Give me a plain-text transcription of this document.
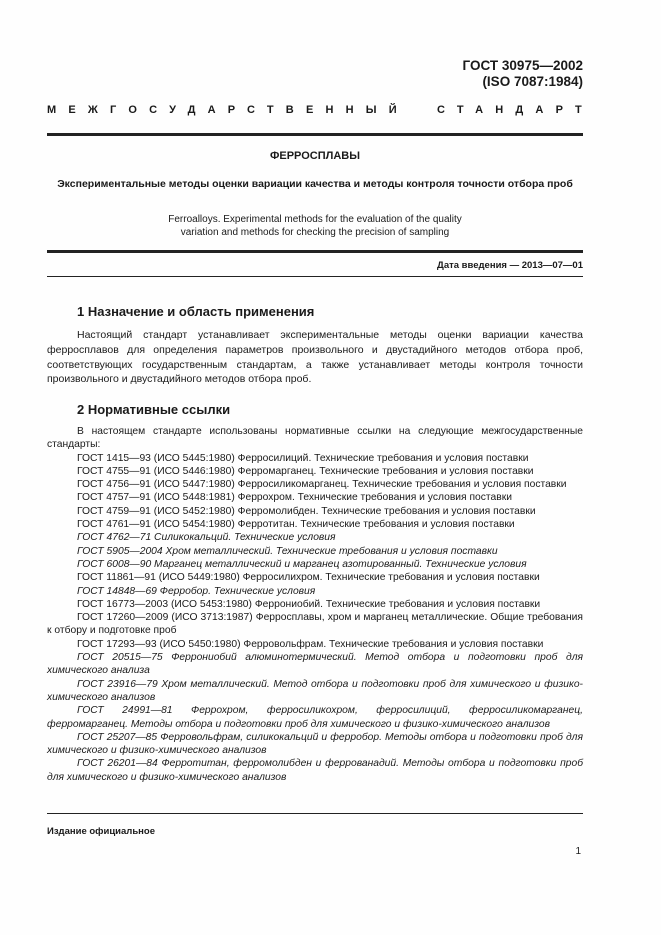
ГОСТ 30975—2002
(ISO 7087:1984)
МЕЖГОСУДАРСТВЕННЫЙ	СТАНДАРТ
ФЕРРОСПЛАВЫ
Экспериментальные методы оценки вариации качества и методы контроля точности отбора проб
Ferroalloys. Experimental methods for the evaluation of the quality
variation and methods for checking the precision of sampling
Дата введения — 2013—07—01
1 Назначение и область применения

Настоящий стандарт устанавливает экспериментальные методы оценки вариации качества ферросплавов для определения параметров произвольного и двустадийного методов отбора проб, соответствующих государственным стандартам, а также устанавливает методы контроля точности произвольного и двустадийного методов отбора проб.

2 Нормативные ссылки

В настоящем стандарте использованы нормативные ссылки на следующие межгосударственные стандарты:

ГОСТ 1415—93 (ИСО 5445:1980) Ферросилиций. Технические требования и условия поставки

ГОСТ 4755—91 (ИСО 5446:1980) Ферромарганец. Технические требования и условия поставки

ГОСТ 4756—91 (ИСО 5447:1980) Ферросиликомарганец. Технические требования и условия поставки

ГОСТ 4757—91 (ИСО 5448:1981) Феррохром. Технические требования и условия поставки

ГОСТ 4759—91 (ИСО 5452:1980) Ферромолибден. Технические требования и условия поставки

ГОСТ 4761—91 (ИСО 5454:1980) Ферротитан. Технические требования и условия поставки

ГОСТ 4762—71 Силикокальций. Технические условия

ГОСТ 5905—2004 Хром металлический. Технические требования и условия поставки

ГОСТ 6008—90 Марганец металлический и марганец азотированный. Технические условия

ГОСТ 11861—91 (ИСО 5449:1980) Ферросилихром. Технические требования и условия поставки

ГОСТ 14848—69 Ферробор. Технические условия

ГОСТ 16773—2003 (ИСО 5453:1980) Феррониобий. Технические требования и условия поставки

ГОСТ 17260—2009 (ИСО 3713:1987) Ферросплавы, хром и марганец металлические. Общие требования к отбору и подготовке проб

ГОСТ 17293—93 (ИСО 5450:1980) Ферровольфрам. Технические требования и условия поставки

ГОСТ 20515—75 Феррониобий алюминотермический. Метод отбора и подготовки проб для химического анализа

ГОСТ 23916—79 Хром металлический. Метод отбора и подготовки проб для химического и физико-химического анализов

ГОСТ 24991—81 Феррохром, ферросиликохром, ферросилиций, ферросиликомарганец, ферромарганец. Методы отбора и подготовки проб для химического и физико-химического анализов

ГОСТ 25207—85 Ферровольфрам, силикокальций и ферробор. Методы отбора и подготовки проб для химического и физико-химического анализов

ГОСТ 26201—84 Ферротитан, ферромолибден и феррованадий. Методы отбора и подготовки проб для химического и физико-химического анализов

Издание официальное
1
